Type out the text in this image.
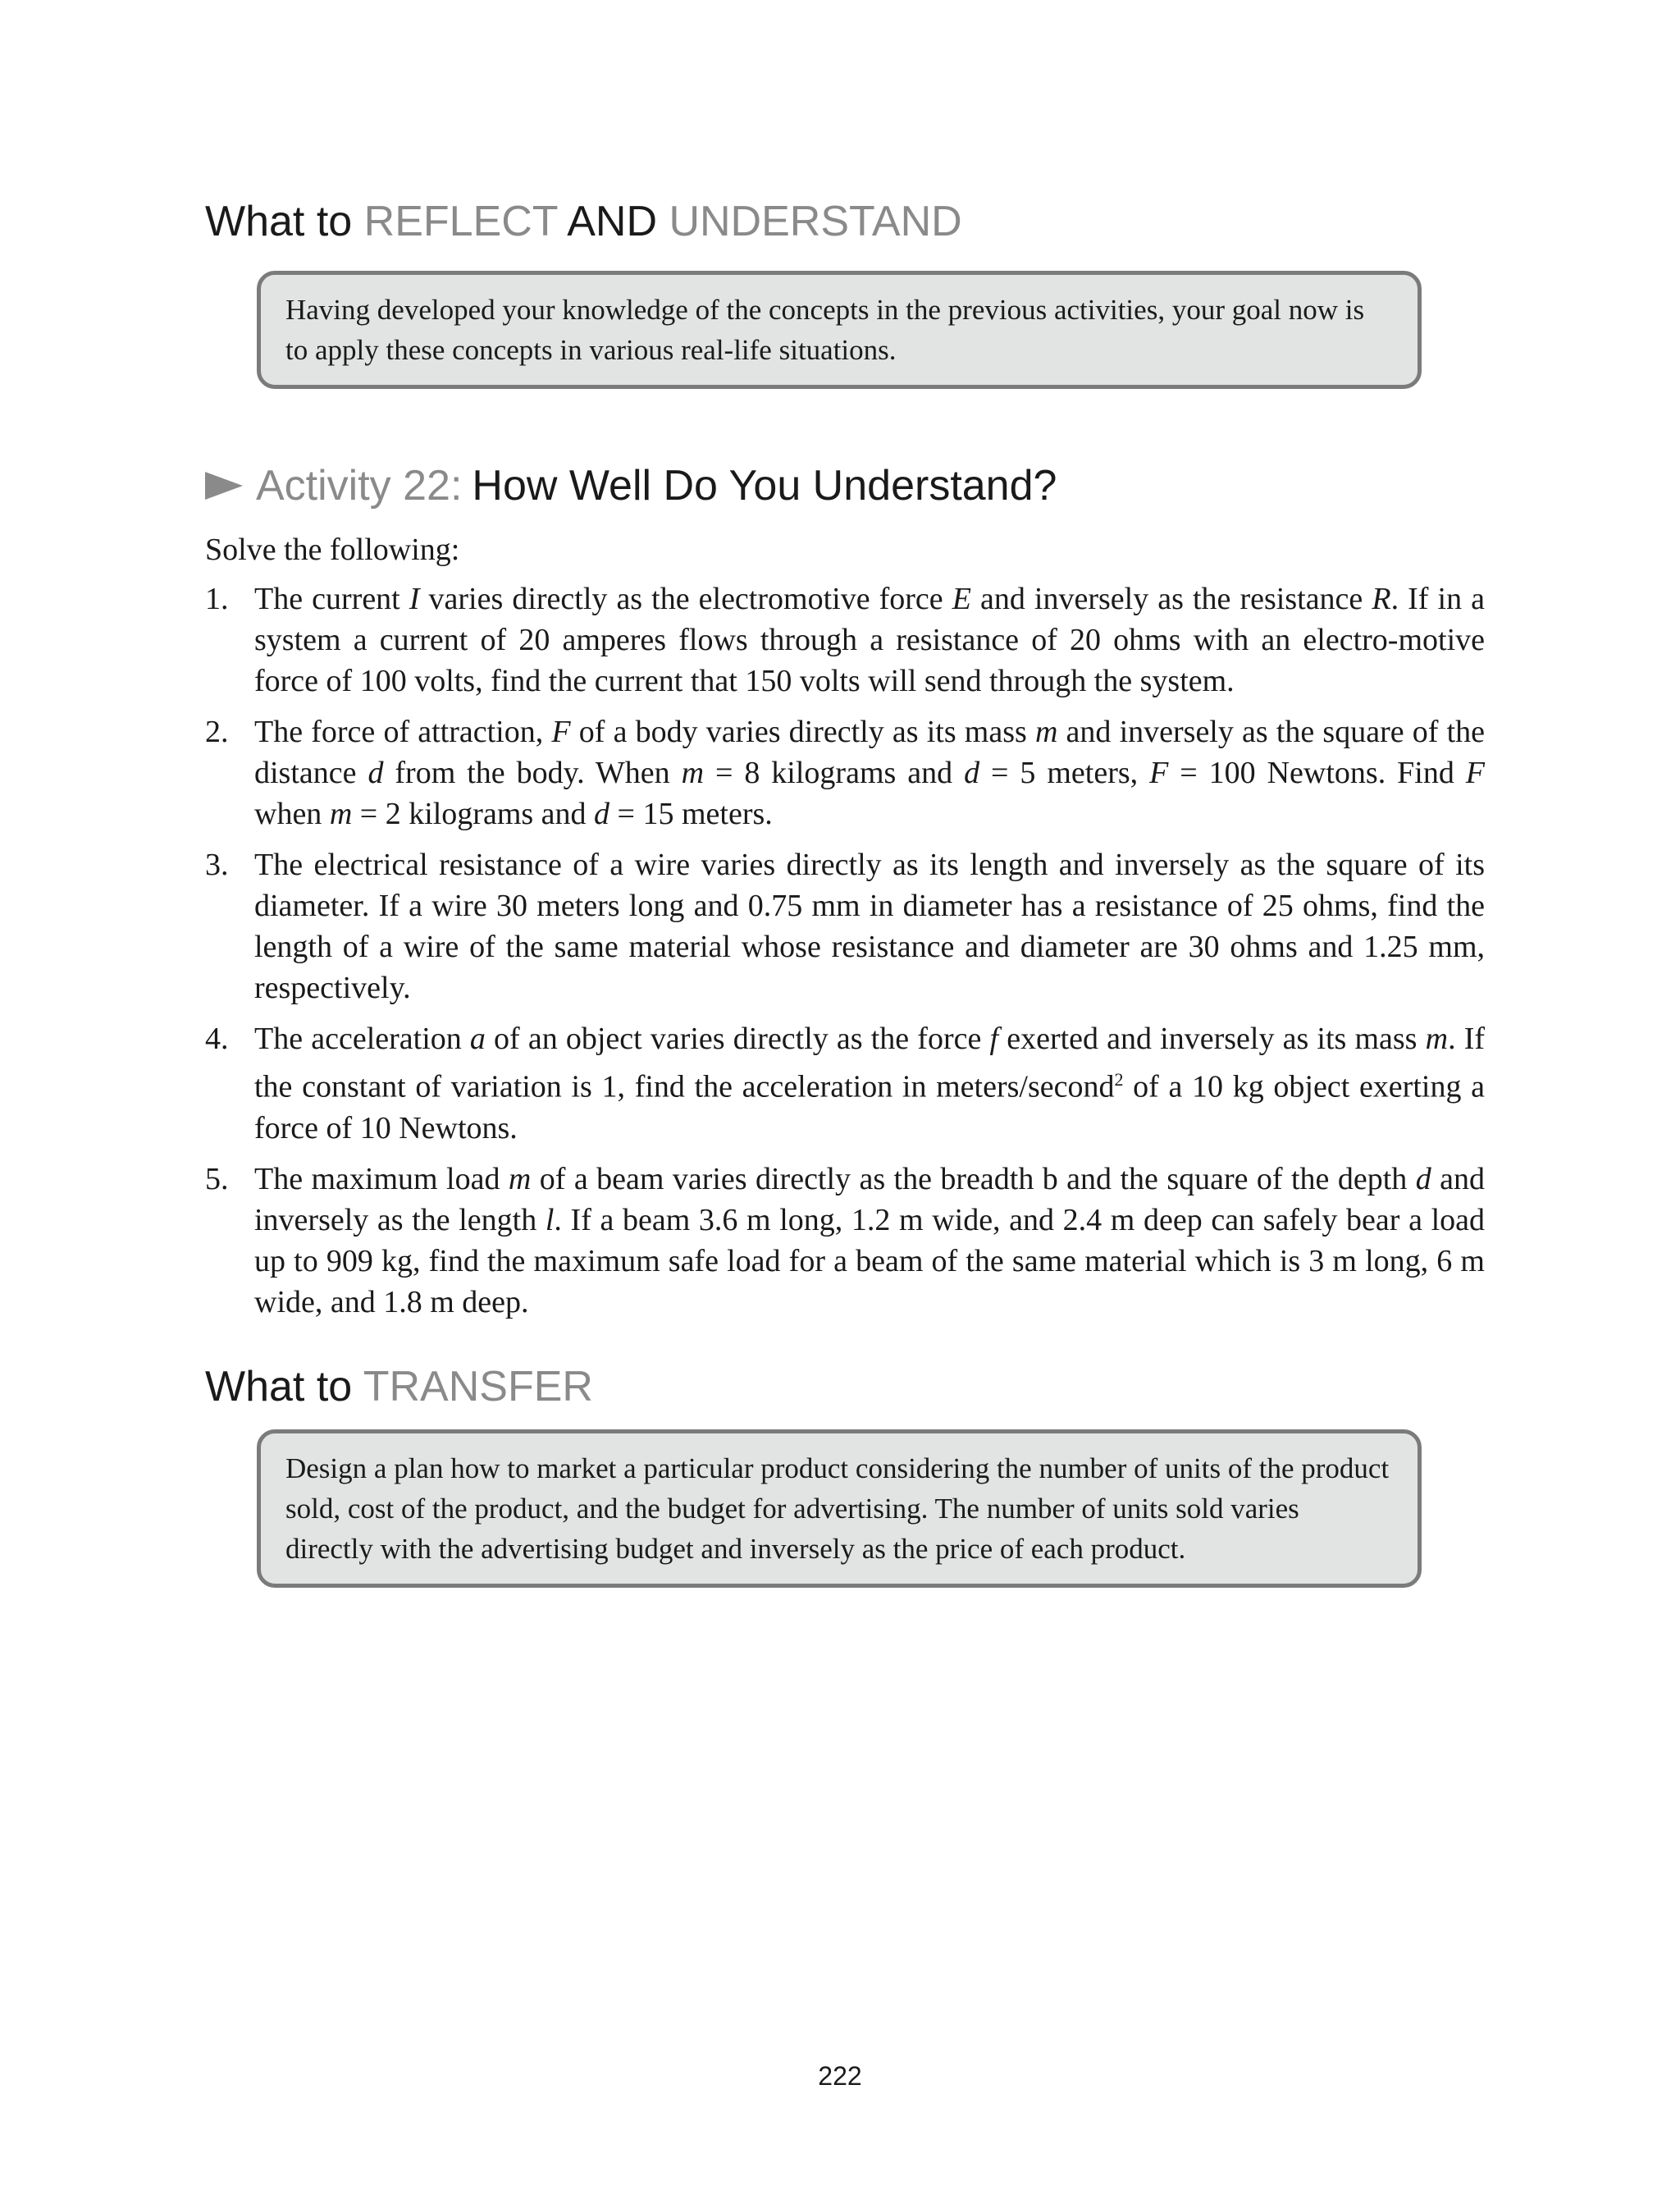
What to REFLECT AND UNDERSTAND
Having developed your knowledge of the concepts in the previous activities, your goal now is to apply these concepts in various real-life situations.
Activity 22: How Well Do You Understand?
Solve the following:
1. The current I varies directly as the electromotive force E and inversely as the resistance R. If in a system a current of 20 amperes flows through a resistance of 20 ohms with an electro-motive force of 100 volts, find the current that 150 volts will send through the system.
2. The force of attraction, F of a body varies directly as its mass m and inversely as the square of the distance d from the body. When m = 8 kilograms and d = 5 meters, F = 100 Newtons. Find F when m = 2 kilograms and d = 15 meters.
3. The electrical resistance of a wire varies directly as its length and inversely as the square of its diameter. If a wire 30 meters long and 0.75 mm in diameter has a resistance of 25 ohms, find the length of a wire of the same material whose resistance and diameter are 30 ohms and 1.25 mm, respectively.
4. The acceleration a of an object varies directly as the force f exerted and inversely as its mass m. If the constant of variation is 1, find the acceleration in meters/second$^2$ of a 10 kg object exerting a force of 10 Newtons.
5. The maximum load m of a beam varies directly as the breadth b and the square of the depth d and inversely as the length l. If a beam 3.6 m long, 1.2 m wide, and 2.4 m deep can safely bear a load up to 909 kg, find the maximum safe load for a beam of the same material which is 3 m long, 6 m wide, and 1.8 m deep.
What to TRANSFER
Design a plan how to market a particular product considering the number of units of the product sold, cost of the product, and the budget for advertising. The number of units sold varies directly with the advertising budget and inversely as the price of each product.
222
